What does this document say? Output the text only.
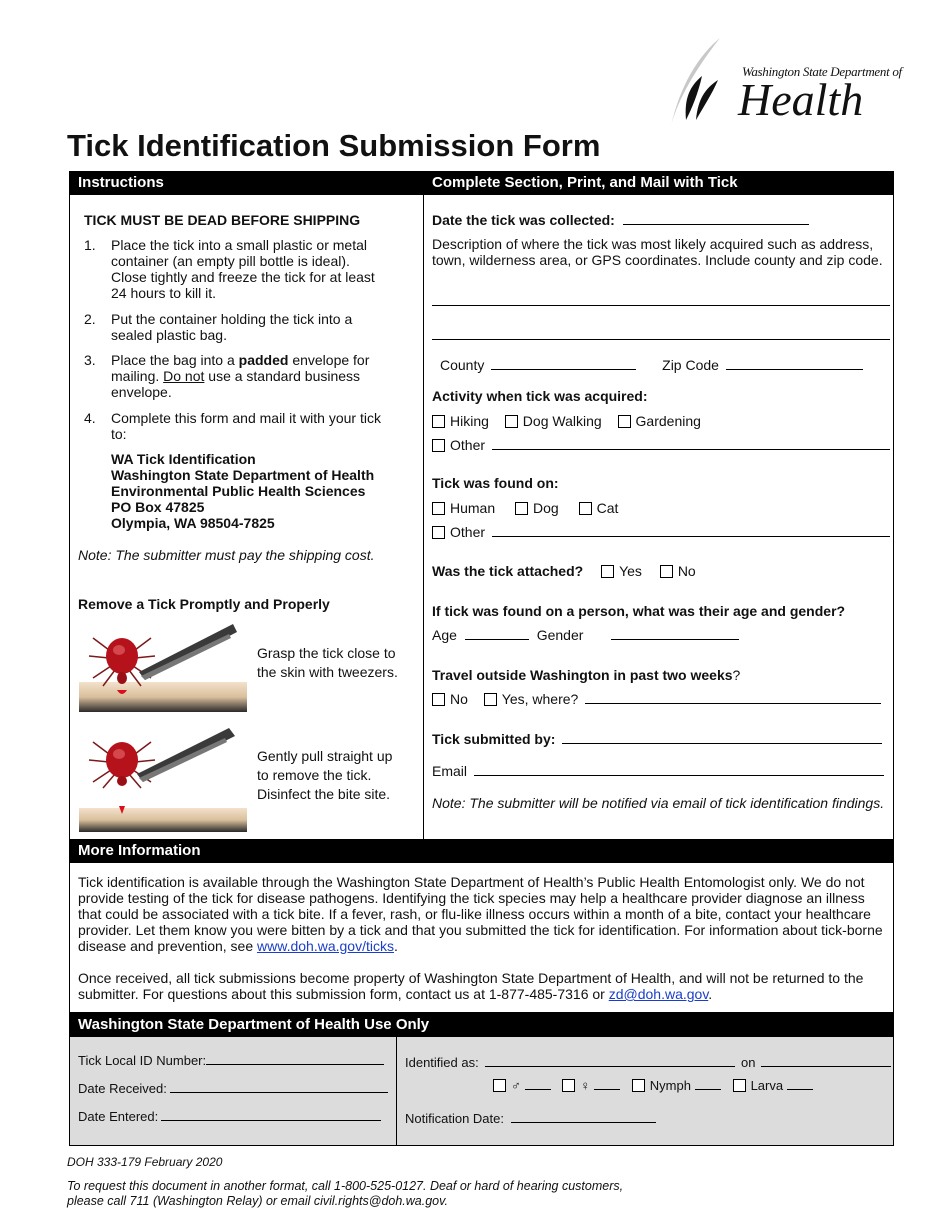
Washington State Department of
Health
Tick Identification Submission Form
Instructions	Complete Section, Print, and Mail with Tick
TICK MUST BE DEAD BEFORE SHIPPING
1. Place the tick into a small plastic or metal container (an empty pill bottle is ideal). Close tightly and freeze the tick for at least 24 hours to kill it.
2. Put the container holding the tick into a sealed plastic bag.
3. Place the bag into a padded envelope for mailing. Do not use a standard business envelope.
4. Complete this form and mail it with your tick to:
WA Tick Identification
Washington State Department of Health
Environmental Public Health Sciences
PO Box 47825
Olympia, WA 98504-7825
Note: The submitter must pay the shipping cost.
Remove a Tick Promptly and Properly
Grasp the tick close to the skin with tweezers.
Gently pull straight up to remove the tick. Disinfect the bite site.
Date the tick was collected:
Description of where the tick was most likely acquired such as address, town, wilderness area, or GPS coordinates. Include county and zip code.
County	Zip Code
Activity when tick was acquired:
Hiking Dog Walking Gardening
Other
Tick was found on:
Human	Dog	Cat
Other
Was the tick attached?	Yes	No
If tick was found on a person, what was their age and gender?
Age	Gender
Travel outside Washington in past two weeks?
No Yes, where?
Tick submitted by:
Email
Note: The submitter will be notified via email of tick identification findings.
More Information
Tick identification is available through the Washington State Department of Health’s Public Health Entomologist only. We do not provide testing of the tick for disease pathogens. Identifying the tick species may help a healthcare provider diagnose an illness that could be associated with a tick bite. If a fever, rash, or flu-like illness occurs within a month of a bite, contact your healthcare provider. Let them know you were bitten by a tick and that you submitted the tick for identification. For information about tick-borne disease and prevention, see www.doh.wa.gov/ticks.
Once received, all tick submissions become property of Washington State Department of Health, and will not be returned to the submitter. For questions about this submission form, contact us at 1-877-485-7316 or zd@doh.wa.gov.
Washington State Department of Health Use Only
Tick Local ID Number:
Date Received:
Date Entered:
Identified as:	on
♂	♀	Nymph	Larva
Notification Date:
DOH 333-179 February 2020
To request this document in another format, call 1-800-525-0127. Deaf or hard of hearing customers, please call 711 (Washington Relay) or email civil.rights@doh.wa.gov.
